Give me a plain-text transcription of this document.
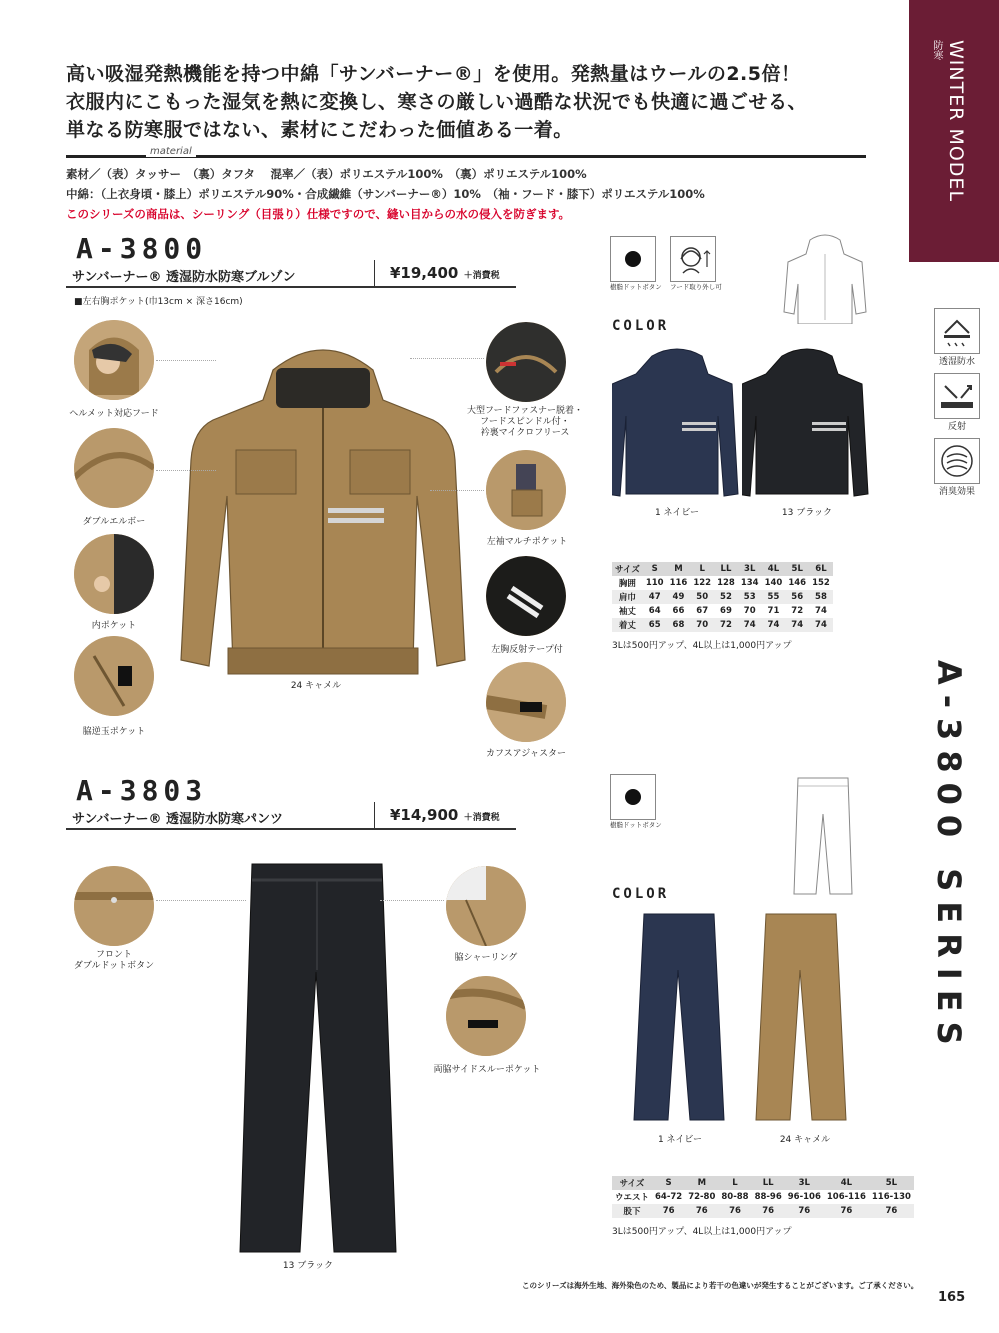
WINTER MODEL
防寒
高い吸湿発熱機能を持つ中綿「サンバーナー®」を使用。発熱量はウールの2.5倍！
衣服内にこもった湿気を熱に変換し、寒さの厳しい過酷な状況でも快適に過ごせる、
単なる防寒服ではない、素材にこだわった価値ある一着。
material
素材／（表）タッサー　（裏）タフタ　 混率／（表）ポリエステル100%　（裏）ポリエステル100%
中綿：（上衣身頃・膝上）ポリエステル90%・合成繊維（サンバーナー®）10%　（袖・フード・膝下）ポリエステル100%
このシリーズの商品は、シーリング（目張り）仕様ですので、縫い目からの水の侵入を防ぎます。
透湿防水
反射
消臭効果
A-3800 SERIES
A-3800
サンバーナー® 透湿防水防寒ブルゾン	¥19,400 ＋消費税
■左右胸ポケット(巾13cm × 深さ16cm)
樹脂ドットボタン フード取り外し可
24 キャメル
ヘルメット対応フード
ダブルエルボー
内ポケット
脇逆玉ポケット
大型フードファスナー脱着・
フードスピンドル付・
衿裏マイクロフリース
左袖マルチポケット
左胸反射テープ付
カフスアジャスター
COLOR
1 ネイビー	13 ブラック
サイズ	S	M	L	LL	3L	4L	5L	6L
胸囲	110	116	122	128	134	140	146	152
肩巾	47	49	50	52	53	55	56	58
袖丈	64	66	67	69	70	71	72	74
着丈	65	68	70	72	74	74	74	74
3Lは500円アップ、4L以上は1,000円アップ
A-3803
サンバーナー® 透湿防水防寒パンツ	¥14,900 ＋消費税
樹脂ドットボタン
13 ブラック
フロント
ダブルドットボタン
脇シャーリング
両脇サイドスルーポケット
COLOR
1 ネイビー	24 キャメル
サイズ	S	M	L	LL	3L	4L	5L
ウエスト	64-72	72-80	80-88	88-96	96-106	106-116	116-130
股下	76	76	76	76	76	76	76
3Lは500円アップ、4L以上は1,000円アップ
このシリーズは海外生地、海外染色のため、製品により若干の色違いが発生することがございます。ご了承ください。
165
